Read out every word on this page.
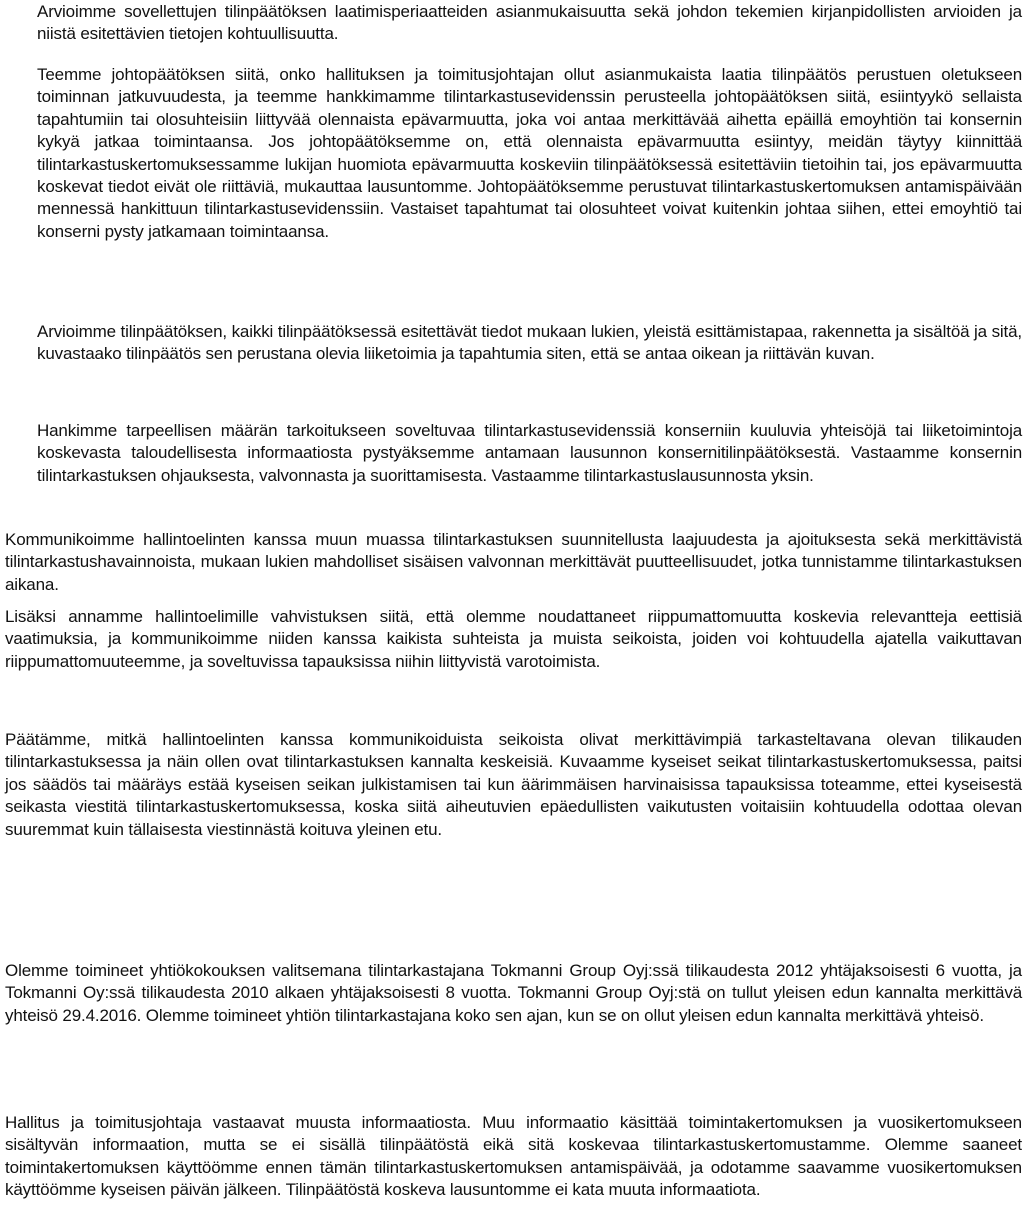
Arvioimme sovellettujen tilinpäätöksen laatimisperiaatteiden asianmukaisuutta sekä johdon tekemien kirjanpidollisten arvioiden ja niistä esitettävien tietojen kohtuullisuutta.

Teemme johtopäätöksen siitä, onko hallituksen ja toimitusjohtajan ollut asianmukaista laatia tilinpäätös perustuen oletukseen toiminnan jatkuvuudesta, ja teemme hankkimamme tilintarkastusevidenssin perusteella johtopäätöksen siitä, esiintyykö sellaista tapahtumiin tai olosuhteisiin liittyvää olennaista epävarmuutta, joka voi antaa merkittävää aihetta epäillä emoyhtiön tai konsernin kykyä jatkaa toimintaansa. Jos johtopäätöksemme on, että olennaista epävarmuutta esiintyy, meidän täytyy kiinnittää tilintarkastuskertomuksessamme lukijan huomiota epävarmuutta koskeviin tilinpäätöksessä esitettäviin tietoihin tai, jos epävarmuutta koskevat tiedot eivät ole riittäviä, mukauttaa lausuntomme. Johtopäätöksemme perustuvat tilintarkastuskertomuksen antamispäivään mennessä hankittuun tilintarkastusevidenssiin. Vastaiset tapahtumat tai olosuhteet voivat kuitenkin johtaa siihen, ettei emoyhtiö tai konserni pysty jatkamaan toimintaansa.

Arvioimme tilinpäätöksen, kaikki tilinpäätöksessä esitettävät tiedot mukaan lukien, yleistä esittämistapaa, rakennetta ja sisältöä ja sitä, kuvastaako tilinpäätös sen perustana olevia liiketoimia ja tapahtumia siten, että se antaa oikean ja riittävän kuvan.

Hankimme tarpeellisen määrän tarkoitukseen soveltuvaa tilintarkastusevidenssiä konserniin kuuluvia yhteisöjä tai liiketoimintoja koskevasta taloudellisesta informaatiosta pystyäksemme antamaan lausunnon konsernitilinpäätöksestä. Vastaamme konsernin tilintarkastuksen ohjauksesta, valvonnasta ja suorittamisesta. Vastaamme tilintarkastuslausunnosta yksin.

Kommunikoimme hallintoelinten kanssa muun muassa tilintarkastuksen suunnitellusta laajuudesta ja ajoituksesta sekä merkittävistä tilintarkastushavainnoista, mukaan lukien mahdolliset sisäisen valvonnan merkittävät puutteellisuudet, jotka tunnistamme tilintarkastuksen aikana.

Lisäksi annamme hallintoelimille vahvistuksen siitä, että olemme noudattaneet riippumattomuutta koskevia relevantteja eettisiä vaatimuksia, ja kommunikoimme niiden kanssa kaikista suhteista ja muista seikoista, joiden voi kohtuudella ajatella vaikuttavan riippumattomuuteemme, ja soveltuvissa tapauksissa niihin liittyvistä varotoimista.

Päätämme, mitkä hallintoelinten kanssa kommunikoiduista seikoista olivat merkittävimpiä tarkasteltavana olevan tilikauden tilintarkastuksessa ja näin ollen ovat tilintarkastuksen kannalta keskeisiä. Kuvaamme kyseiset seikat tilintarkastuskertomuksessa, paitsi jos säädös tai määräys estää kyseisen seikan julkistamisen tai kun äärimmäisen harvinaisissa tapauksissa toteamme, ettei kyseisestä seikasta viestitä tilintarkastuskertomuksessa, koska siitä aiheutuvien epäedullisten vaikutusten voitaisiin kohtuudella odottaa olevan suuremmat kuin tällaisesta viestinnästä koituva yleinen etu.

Olemme toimineet yhtiökokouksen valitsemana tilintarkastajana Tokmanni Group Oyj:ssä tilikaudesta 2012 yhtäjaksoisesti 6 vuotta, ja Tokmanni Oy:ssä tilikaudesta 2010 alkaen yhtäjaksoisesti 8 vuotta. Tokmanni Group Oyj:stä on tullut yleisen edun kannalta merkittävä yhteisö 29.4.2016. Olemme toimineet yhtiön tilintarkastajana koko sen ajan, kun se on ollut yleisen edun kannalta merkittävä yhteisö.

Hallitus ja toimitusjohtaja vastaavat muusta informaatiosta. Muu informaatio käsittää toimintakertomuksen ja vuosikertomukseen sisältyvän informaation, mutta se ei sisällä tilinpäätöstä eikä sitä koskevaa tilintarkastuskertomustamme. Olemme saaneet toimintakertomuksen käyttöömme ennen tämän tilintarkastuskertomuksen antamispäivää, ja odotamme saavamme vuosikertomuksen käyttöömme kyseisen päivän jälkeen. Tilinpäätöstä koskeva lausuntomme ei kata muuta informaatiota.
